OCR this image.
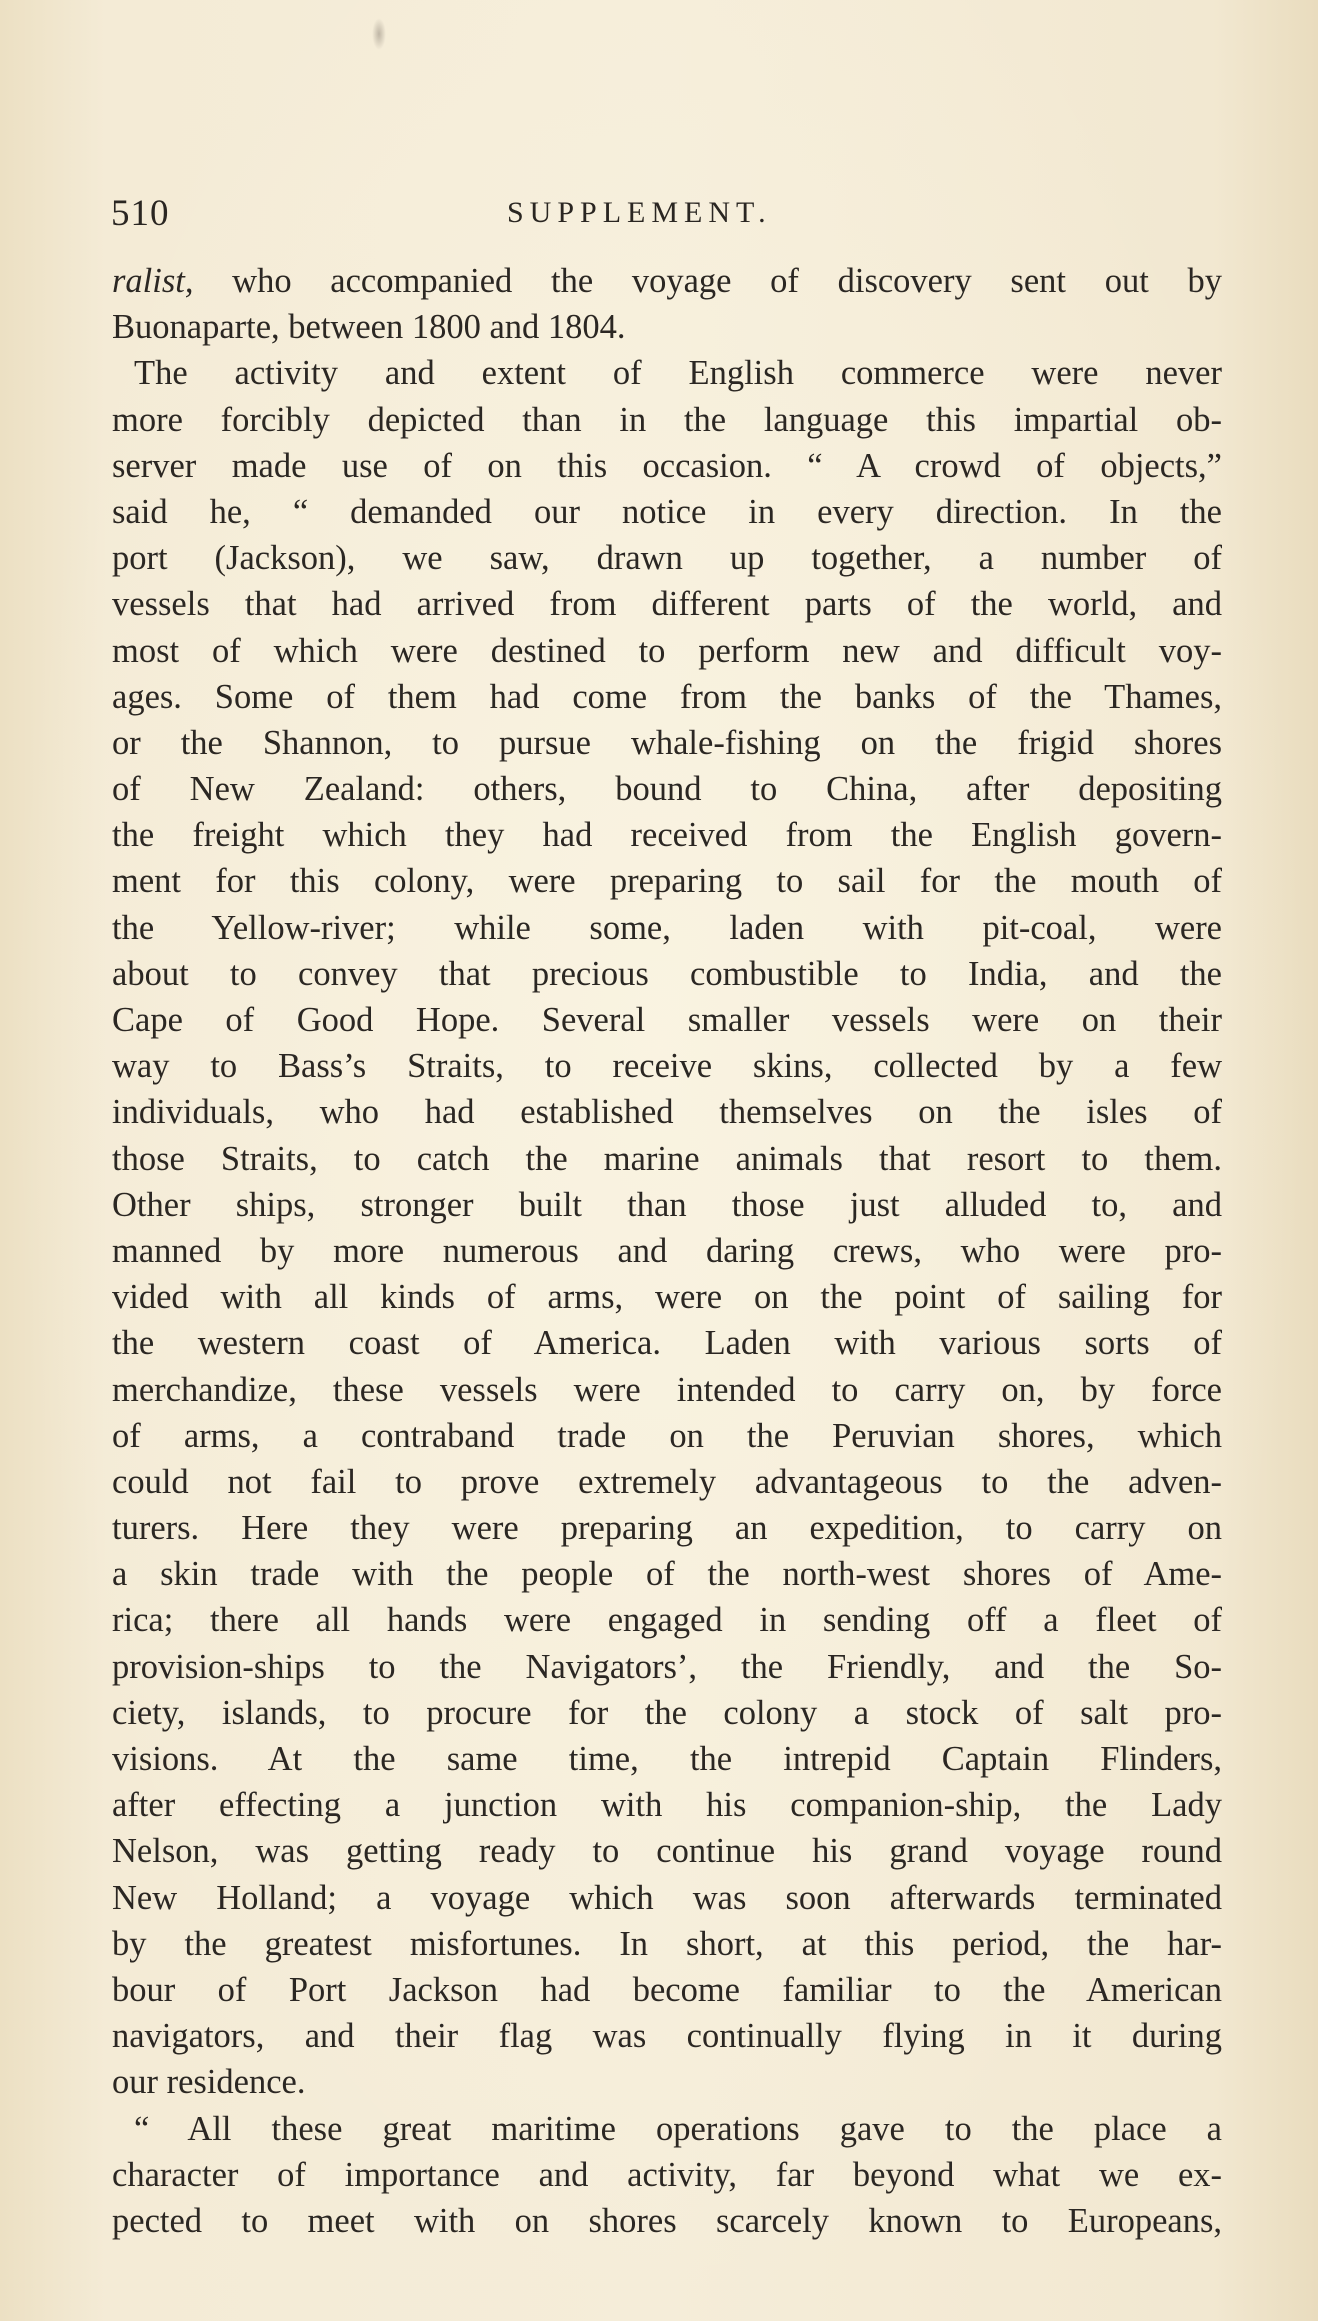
510	SUPPLEMENT.
ralist, who accompanied the voyage of discovery sent out by
Buonaparte, between 1800 and 1804.
The activity and extent of English commerce were never
more forcibly depicted than in the language this impartial ob-
server made use of on this occasion. “ A crowd of objects,”
said he, “ demanded our notice in every direction. In the
port (Jackson), we saw, drawn up together, a number of
vessels that had arrived from different parts of the world, and
most of which were destined to perform new and difficult voy-
ages. Some of them had come from the banks of the Thames,
or the Shannon, to pursue whale-fishing on the frigid shores
of New Zealand: others, bound to China, after depositing
the freight which they had received from the English govern-
ment for this colony, were preparing to sail for the mouth of
the Yellow-river; while some, laden with pit-coal, were
about to convey that precious combustible to India, and the
Cape of Good Hope. Several smaller vessels were on their
way to Bass’s Straits, to receive skins, collected by a few
individuals, who had established themselves on the isles of
those Straits, to catch the marine animals that resort to them.
Other ships, stronger built than those just alluded to, and
manned by more numerous and daring crews, who were pro-
vided with all kinds of arms, were on the point of sailing for
the western coast of America. Laden with various sorts of
merchandize, these vessels were intended to carry on, by force
of arms, a contraband trade on the Peruvian shores, which
could not fail to prove extremely advantageous to the adven-
turers. Here they were preparing an expedition, to carry on
a skin trade with the people of the north-west shores of Ame-
rica; there all hands were engaged in sending off a fleet of
provision-ships to the Navigators’, the Friendly, and the So-
ciety, islands, to procure for the colony a stock of salt pro-
visions. At the same time, the intrepid Captain Flinders,
after effecting a junction with his companion-ship, the Lady
Nelson, was getting ready to continue his grand voyage round
New Holland; a voyage which was soon afterwards terminated
by the greatest misfortunes. In short, at this period, the har-
bour of Port Jackson had become familiar to the American
navigators, and their flag was continually flying in it during
our residence.
“ All these great maritime operations gave to the place a
character of importance and activity, far beyond what we ex-
pected to meet with on shores scarcely known to Europeans,
